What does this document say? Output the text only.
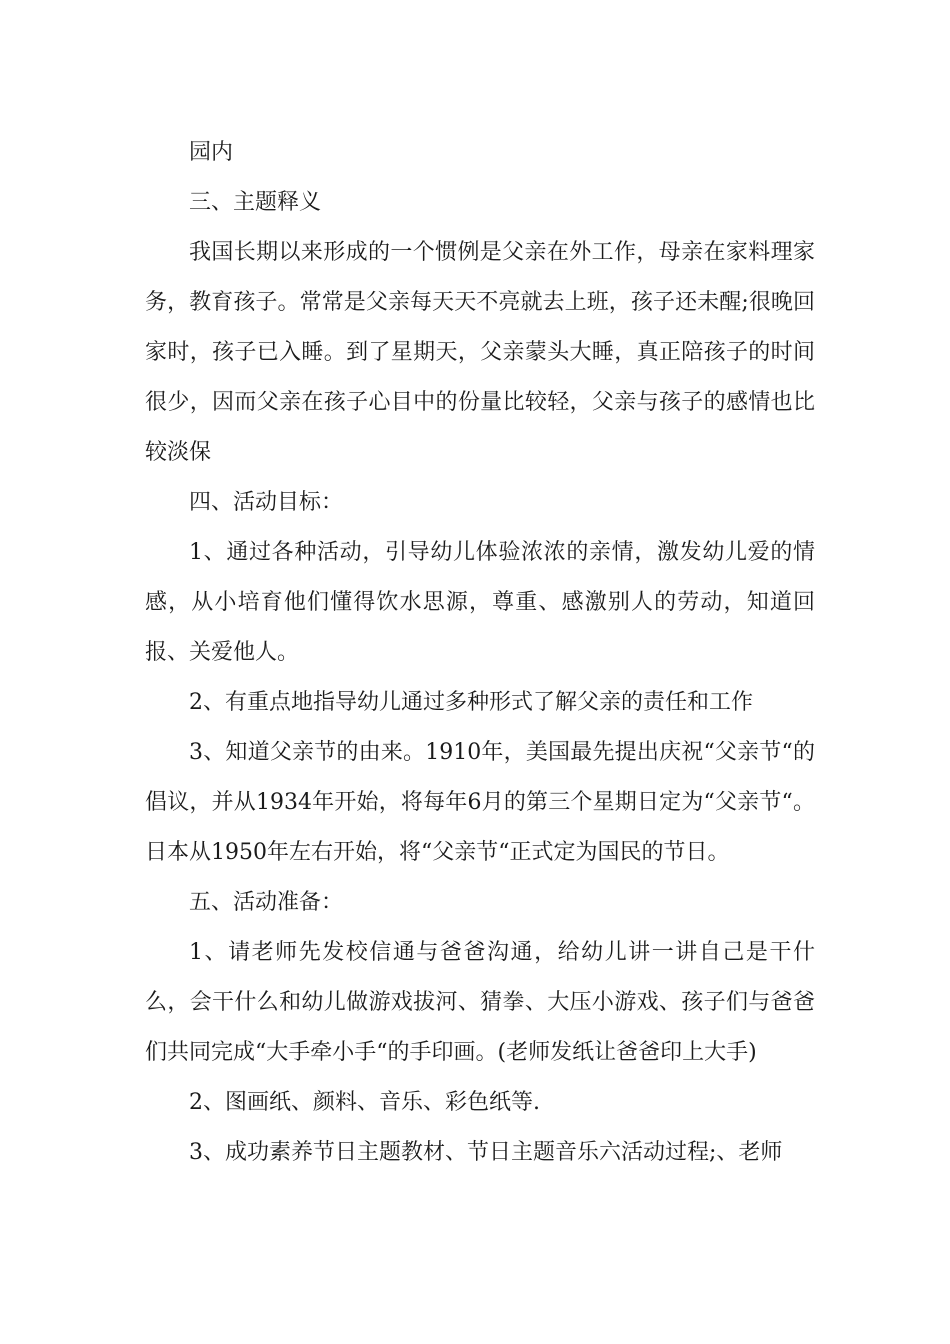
园内

三、主题释义

我国长期以来形成的一个惯例是父亲在外工作，母亲在家料理家务，教育孩子。常常是父亲每天天不亮就去上班，孩子还未醒;很晚回家时，孩子已入睡。到了星期天，父亲蒙头大睡，真正陪孩子的时间很少，因而父亲在孩子心目中的份量比较轻，父亲与孩子的感情也比较淡保

四、活动目标：

1、通过各种活动，引导幼儿体验浓浓的亲情，激发幼儿爱的情感，从小培育他们懂得饮水思源，尊重、感激别人的劳动，知道回报、关爱他人。

2、有重点地指导幼儿通过多种形式了解父亲的责任和工作

3、知道父亲节的由来。1910年，美国最先提出庆祝“父亲节“的倡议，并从1934年开始，将每年6月的第三个星期日定为“父亲节“。日本从1950年左右开始，将“父亲节“正式定为国民的节日。

五、活动准备：

1、请老师先发校信通与爸爸沟通，给幼儿讲一讲自己是干什么，会干什么和幼儿做游戏拔河、猜拳、大压小游戏、孩子们与爸爸们共同完成“大手牵小手“的手印画。(老师发纸让爸爸印上大手)

2、图画纸、颜料、音乐、彩色纸等.

3、成功素养节日主题教材、节日主题音乐六活动过程;、老师
